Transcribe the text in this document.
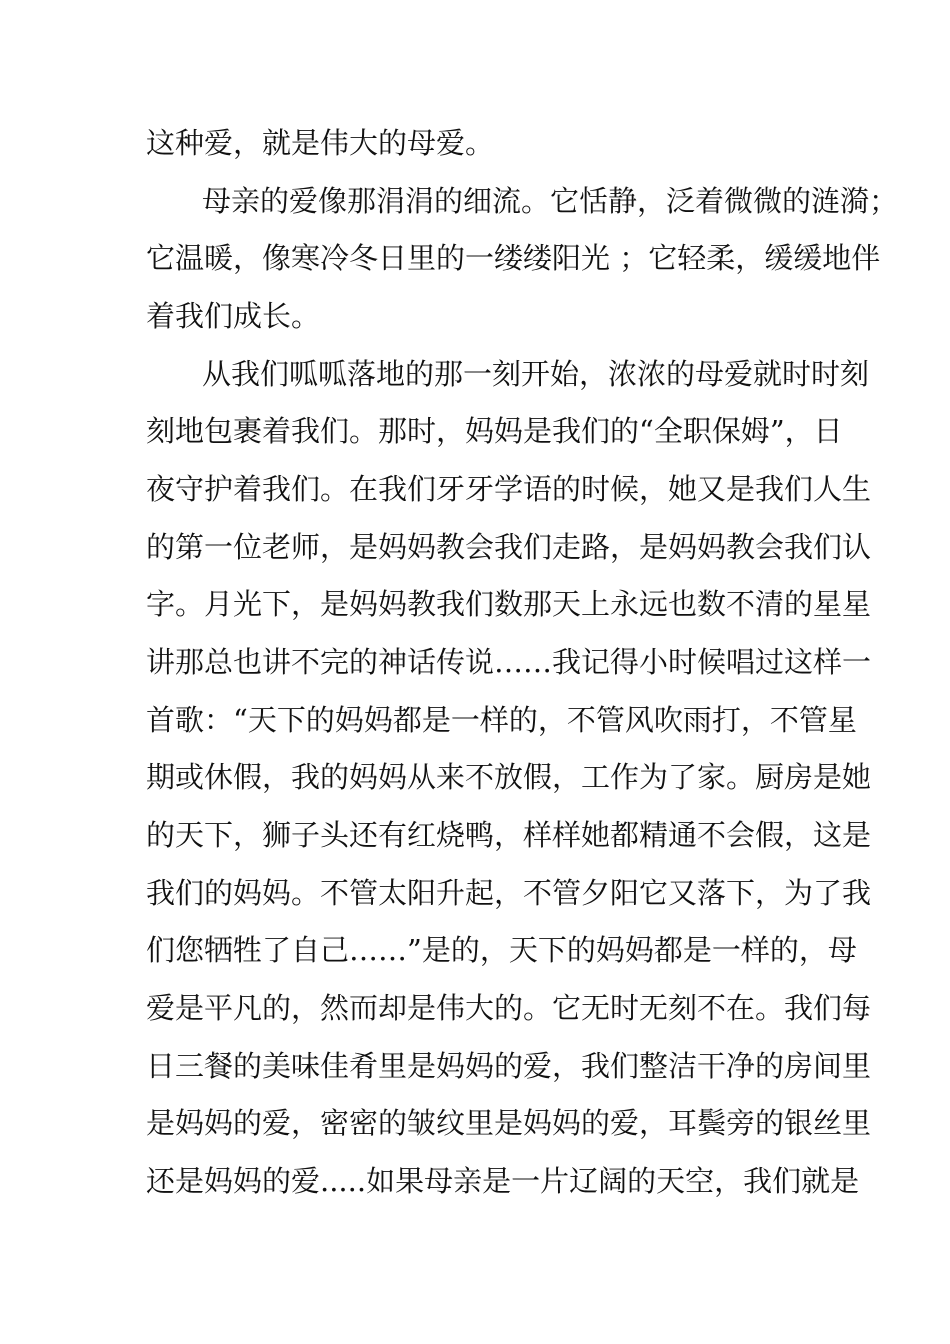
这种爱，就是伟大的母爱。
母亲的爱像那涓涓的细流。它恬静，泛着微微的涟漪；
它温暖，像寒冷冬日里的一缕缕阳光 ；它轻柔，缓缓地伴
着我们成长。
从我们呱呱落地的那一刻开始，浓浓的母爱就时时刻
刻地包裹着我们。那时，妈妈是我们的“全职保姆”，日
夜守护着我们。在我们牙牙学语的时候，她又是我们人生
的第一位老师，是妈妈教会我们走路，是妈妈教会我们认
字。月光下，是妈妈教我们数那天上永远也数不清的星星
讲那总也讲不完的神话传说……我记得小时候唱过这样一
首歌：“天下的妈妈都是一样的，不管风吹雨打，不管星
期或休假，我的妈妈从来不放假，工作为了家。厨房是她
的天下，狮子头还有红烧鸭，样样她都精通不会假，这是
我们的妈妈。不管太阳升起，不管夕阳它又落下，为了我
们您牺牲了自己……”是的，天下的妈妈都是一样的，母
爱是平凡的，然而却是伟大的。它无时无刻不在。我们每
日三餐的美味佳肴里是妈妈的爱，我们整洁干净的房间里
是妈妈的爱，密密的皱纹里是妈妈的爱，耳鬓旁的银丝里
还是妈妈的爱.....如果母亲是一片辽阔的天空，我们就是
